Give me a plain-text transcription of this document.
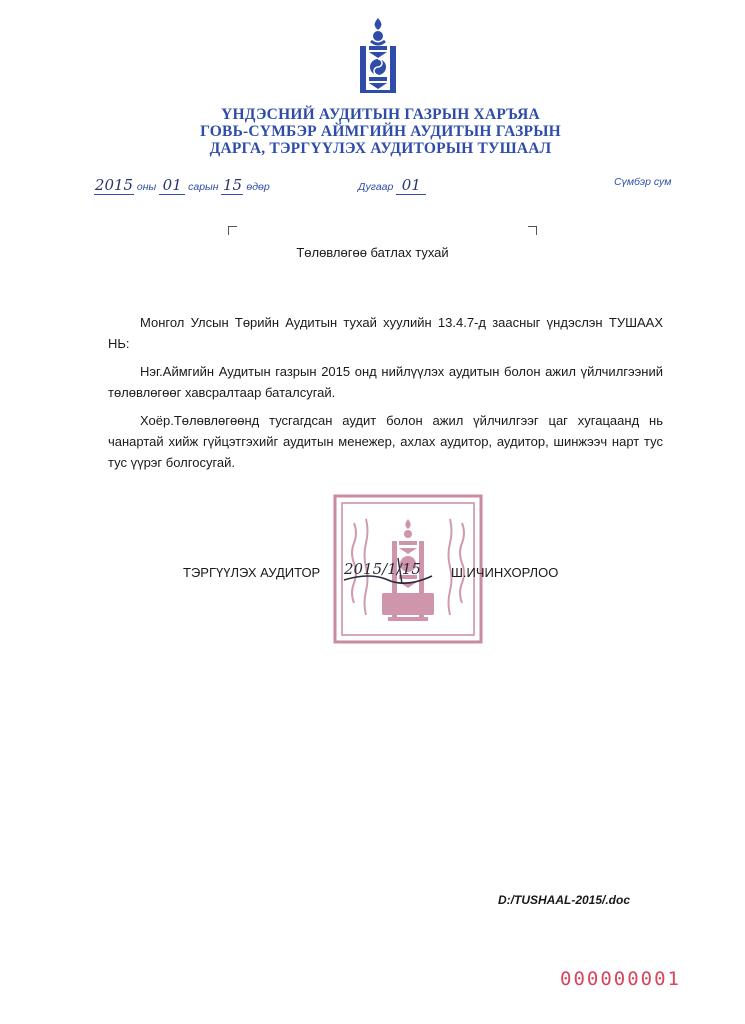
ҮНДЭСНИЙ АУДИТЫН ГАЗРЫН ХАРЪЯА
ГОВЬ-СҮМБЭР АЙМГИЙН АУДИТЫН ГАЗРЫН
ДАРГА, ТЭРГҮҮЛЭХ АУДИТОРЫН ТУШААЛ
2015 оны 01 сарын 15 өдөр	Дугаар 01	Сүмбэр сум
Төлөвлөгөө батлах тухай
Монгол Улсын Төрийн Аудитын тухай хуулийн 13.4.7-д заасныг үндэслэн ТУШААХ НЬ:
Нэг.Аймгийн Аудитын газрын 2015 онд нийлүүлэх аудитын болон ажил үйлчилгээний төлөвлөгөөг хавсралтаар баталсугай.
Хоёр.Төлөвлөгөөнд тусгагдсан аудит болон ажил үйлчилгээг цаг хугацаанд нь чанартай хийж гүйцэтгэхийг аудитын менежер, ахлах аудитор, аудитор, шинжээч нарт тус тус үүрэг болгосугай.
ТЭРГҮҮЛЭХ АУДИТОР 2015/1/15 Ш.ИЧИНХОРЛОО
D:/TUSHAAL-2015/.doc
000000001
